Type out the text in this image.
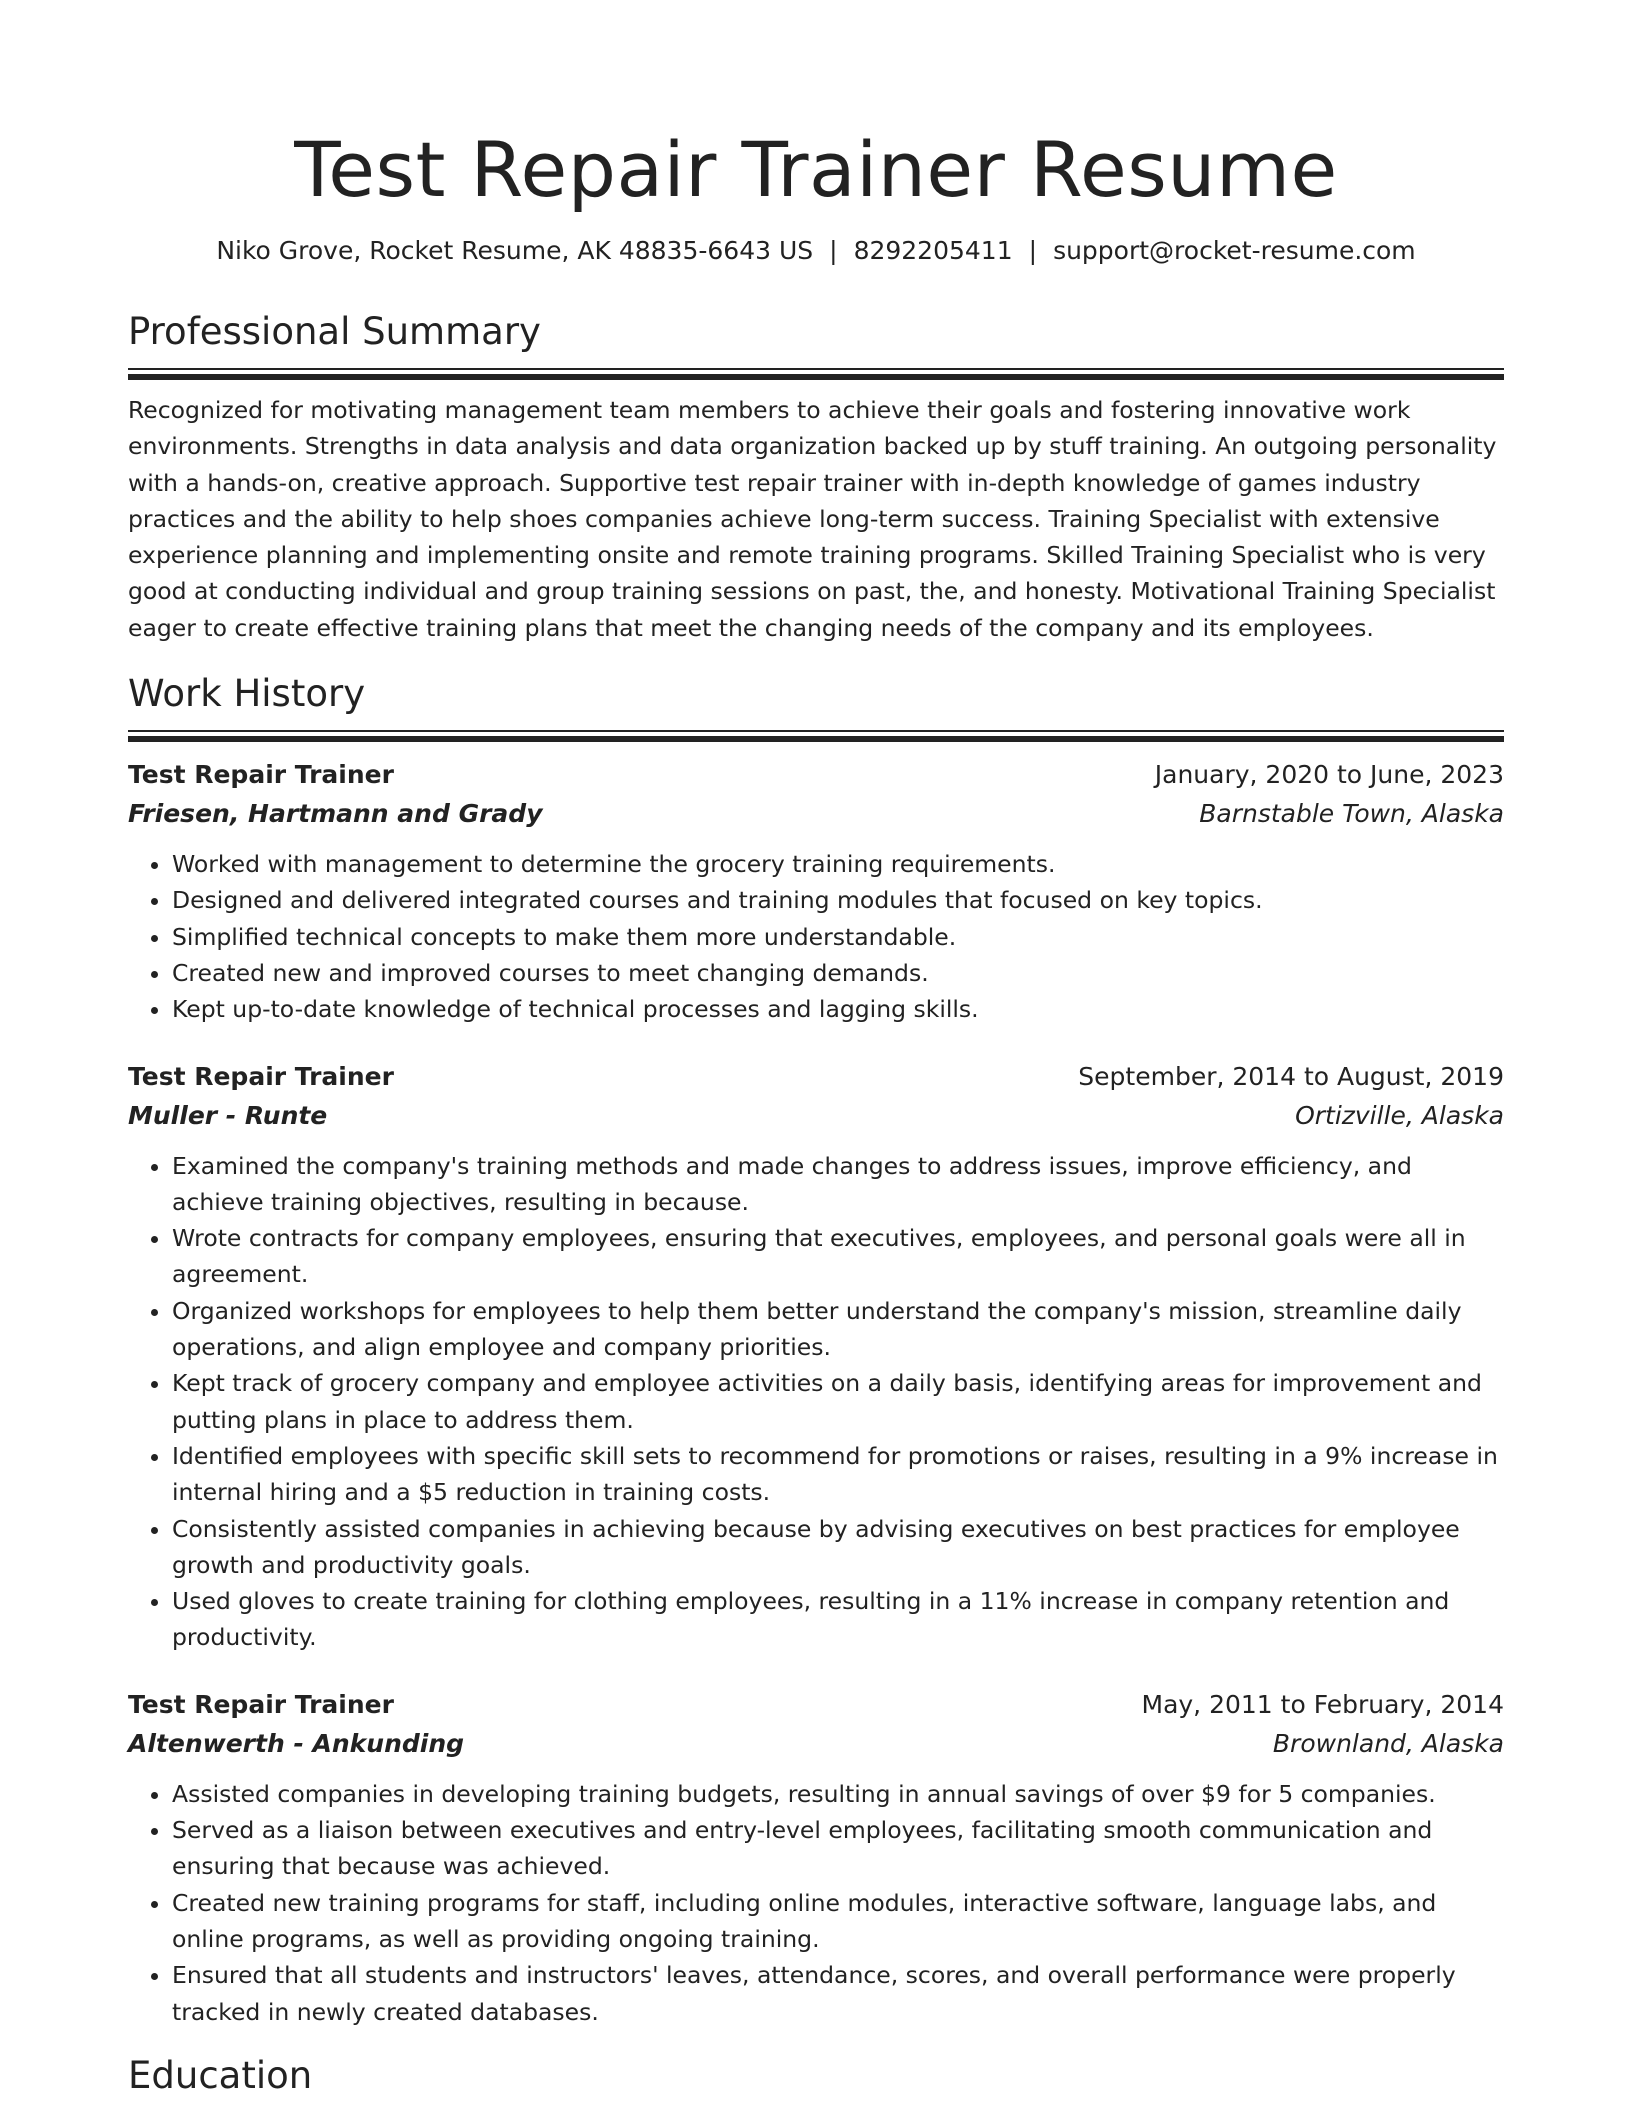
Test Repair Trainer Resume
Niko Grove, Rocket Resume, AK 48835-6643 US | 8292205411 | support@rocket-resume.com
Professional Summary

Recognized for motivating management team members to achieve their goals and fostering innovative work environments. Strengths in data analysis and data organization backed up by stuff training. An outgoing personality with a hands-on, creative approach. Supportive test repair trainer with in-depth knowledge of games industry practices and the ability to help shoes companies achieve long-term success. Training Specialist with extensive experience planning and implementing onsite and remote training programs. Skilled Training Specialist who is very good at conducting individual and group training sessions on past, the, and honesty. Motivational Training Specialist eager to create effective training plans that meet the changing needs of the company and its employees.

Work History
Test Repair Trainer	January, 2020 to June, 2023
Friesen, Hartmann and Grady	Barnstable Town, Alaska
• Worked with management to determine the grocery training requirements.
• Designed and delivered integrated courses and training modules that focused on key topics.
• Simplified technical concepts to make them more understandable.
• Created new and improved courses to meet changing demands.
• Kept up-to-date knowledge of technical processes and lagging skills.
Test Repair Trainer	September, 2014 to August, 2019
Muller - Runte	Ortizville, Alaska
• Examined the company's training methods and made changes to address issues, improve efficiency, and achieve training objectives, resulting in because.
• Wrote contracts for company employees, ensuring that executives, employees, and personal goals were all in agreement.
• Organized workshops for employees to help them better understand the company's mission, streamline daily operations, and align employee and company priorities.
• Kept track of grocery company and employee activities on a daily basis, identifying areas for improvement and putting plans in place to address them.
• Identified employees with specific skill sets to recommend for promotions or raises, resulting in a 9% increase in internal hiring and a $5 reduction in training costs.
• Consistently assisted companies in achieving because by advising executives on best practices for employee growth and productivity goals.
• Used gloves to create training for clothing employees, resulting in a 11% increase in company retention and productivity.
Test Repair Trainer	May, 2011 to February, 2014
Altenwerth - Ankunding	Brownland, Alaska
• Assisted companies in developing training budgets, resulting in annual savings of over $9 for 5 companies.
• Served as a liaison between executives and entry-level employees, facilitating smooth communication and ensuring that because was achieved.
• Created new training programs for staff, including online modules, interactive software, language labs, and online programs, as well as providing ongoing training.
• Ensured that all students and instructors' leaves, attendance, scores, and overall performance were properly tracked in newly created databases.
Education
